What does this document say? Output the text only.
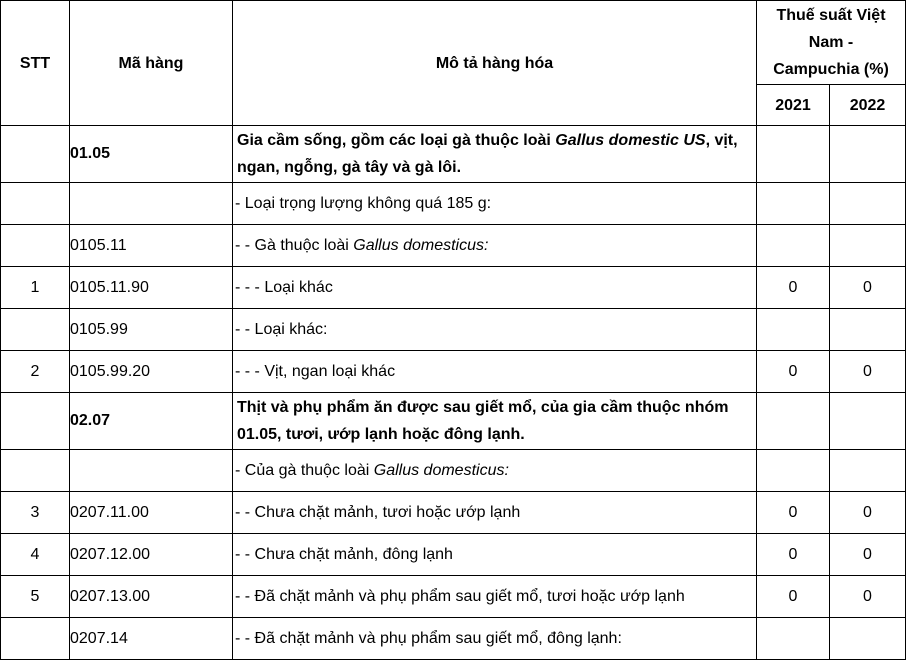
STT	Mã hàng	Mô tả hàng hóa	Thuế suất Việt
Nam -
Campuchia (%)	

			2021	2022
	01.05	Gia cầm sống, gồm các loại gà thuộc loài Gallus domestic US, vịt, ngan, ngỗng, gà tây và gà lôi.		
		- Loại trọng lượng không quá 185 g:		
	0105.11	- - Gà thuộc loài Gallus domesticus:		
1	0105.11.90	- - - Loại khác	0	0
	0105.99	- - Loại khác:		
2	0105.99.20	- - - Vịt, ngan loại khác	0	0
	02.07	Thịt và phụ phẩm ăn được sau giết mổ, của gia cầm thuộc nhóm 01.05, tươi, ướp lạnh hoặc đông lạnh.		
		- Của gà thuộc loài Gallus domesticus:		
3	0207.11.00	- - Chưa chặt mảnh, tươi hoặc ướp lạnh	0	0
4	0207.12.00	- - Chưa chặt mảnh, đông lạnh	0	0
5	0207.13.00	- - Đã chặt mảnh và phụ phẩm sau giết mổ, tươi hoặc ướp lạnh	0	0
	0207.14	- - Đã chặt mảnh và phụ phẩm sau giết mổ, đông lạnh:		
